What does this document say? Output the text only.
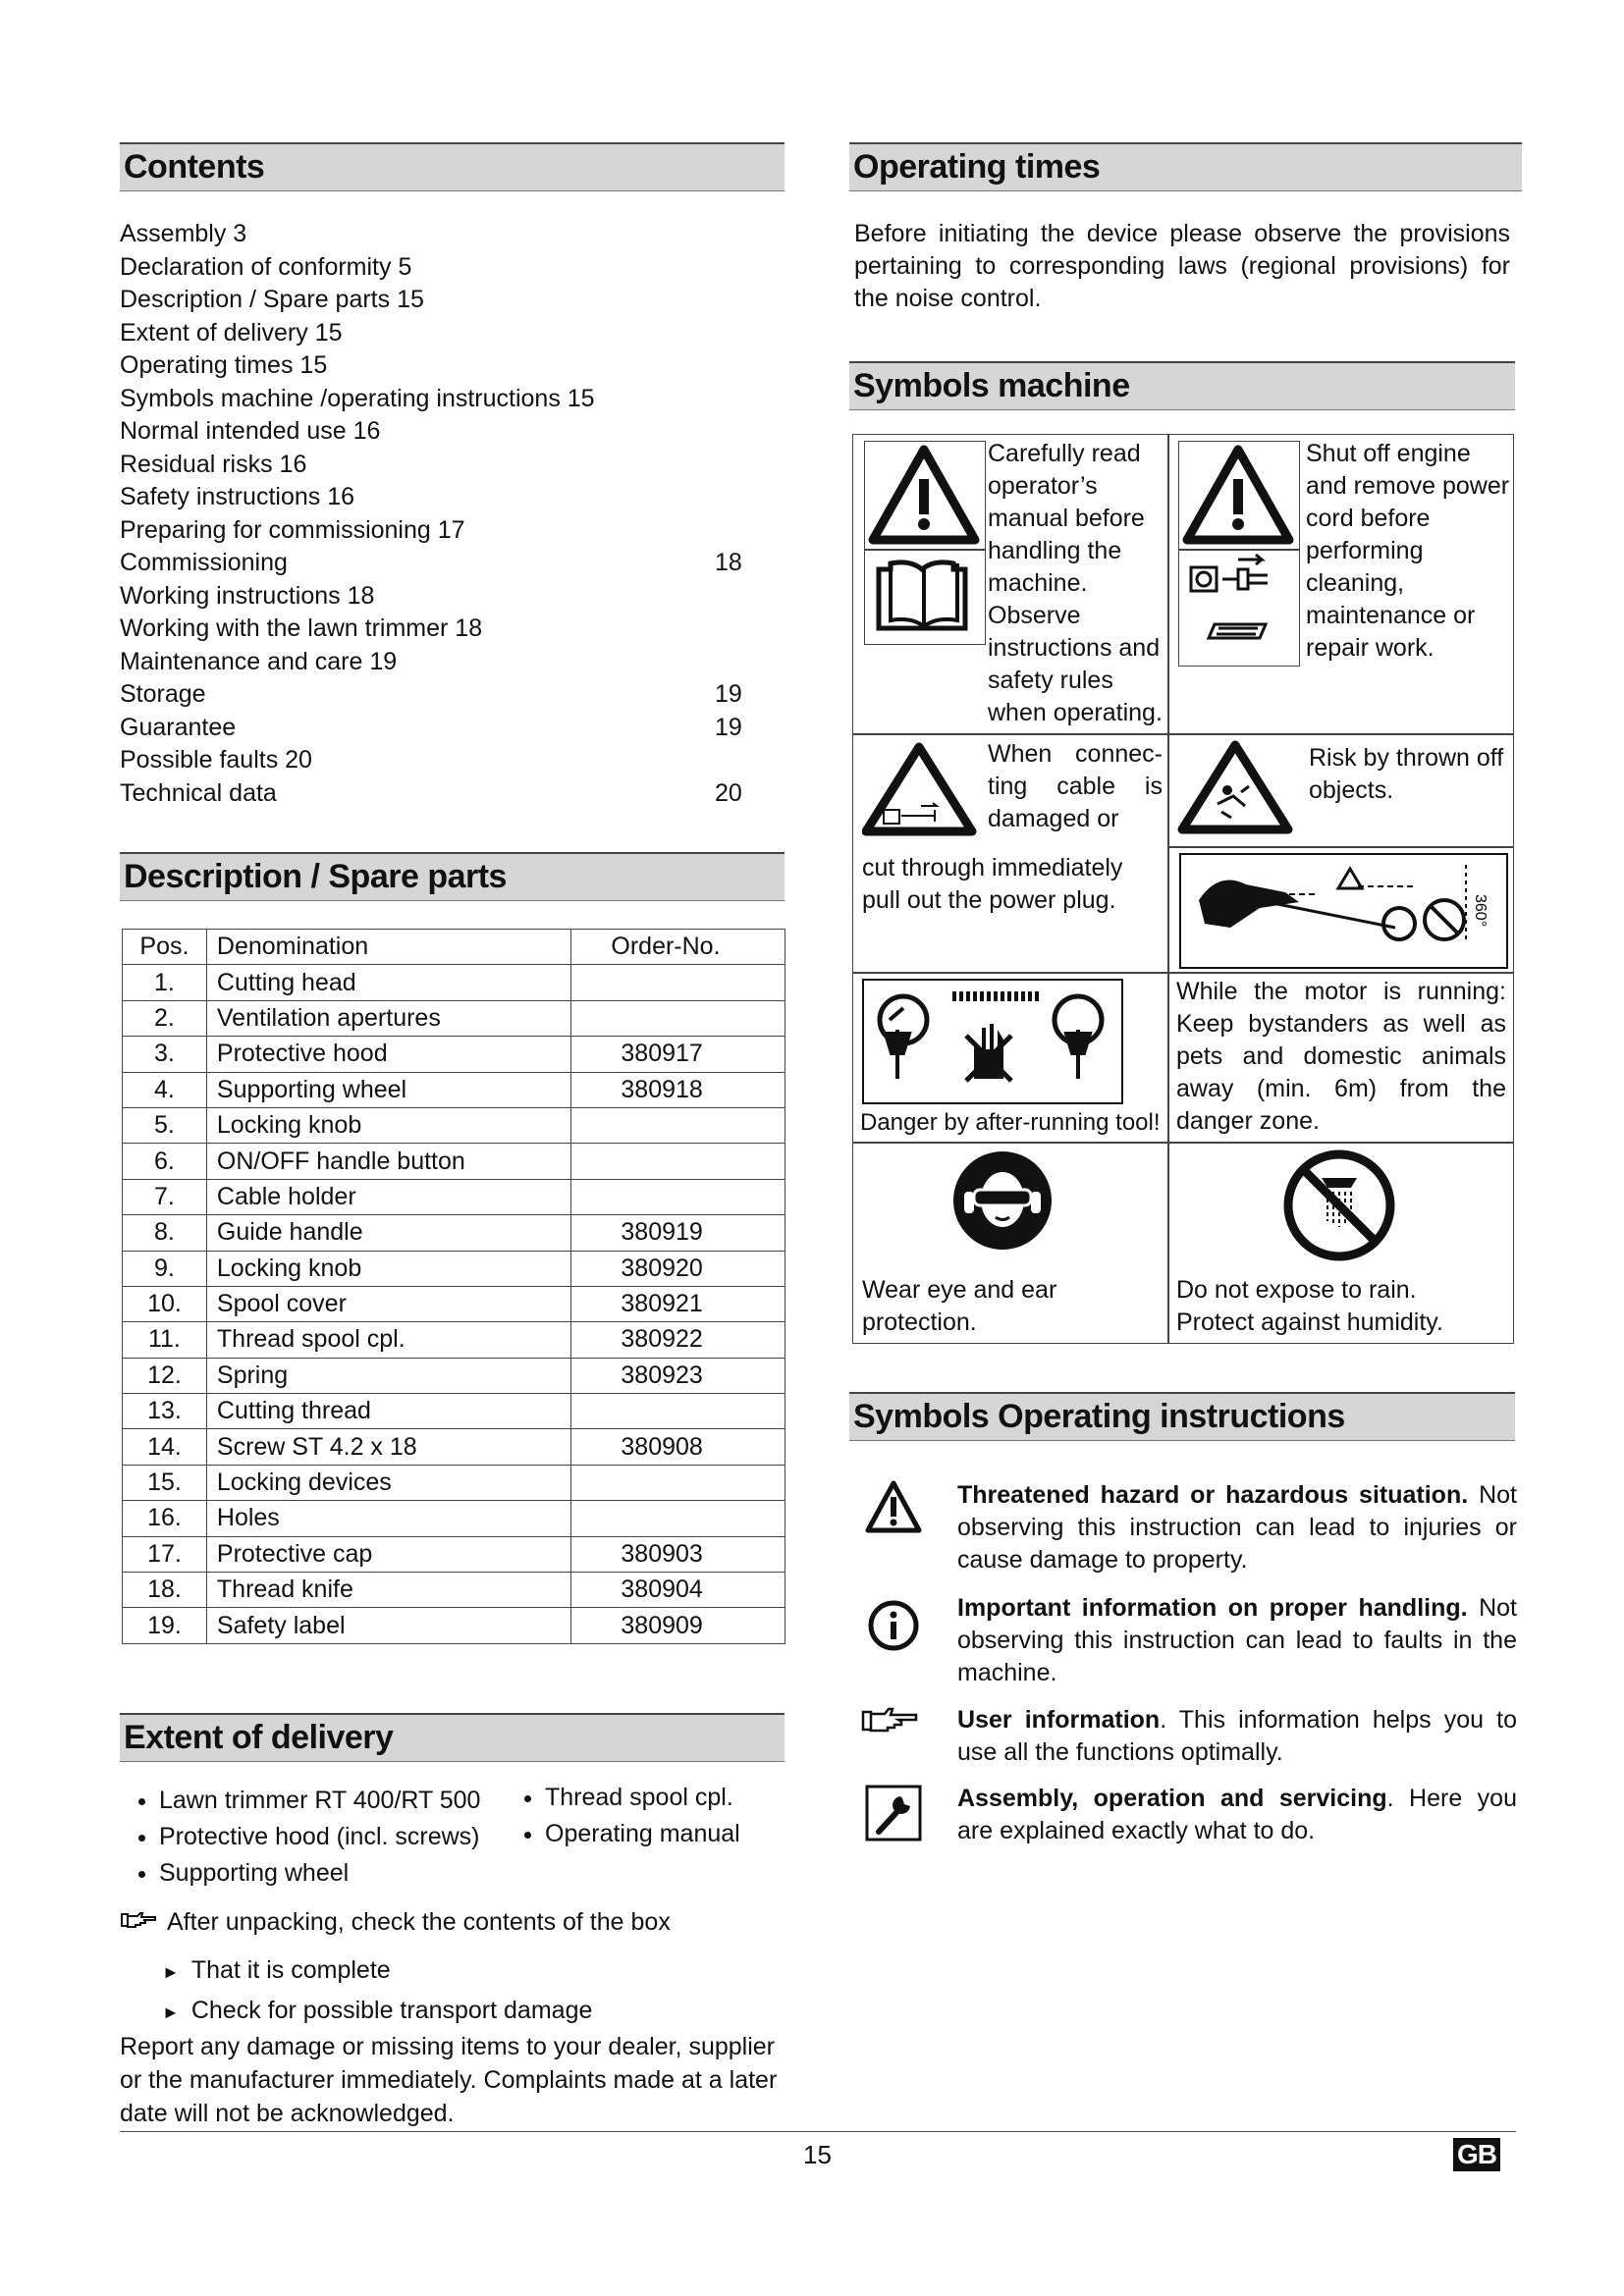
Contents
Assembly 3
Declaration of conformity 5
Description / Spare parts 15
Extent of delivery 15
Operating times 15
Symbols machine /operating instructions 15
Normal intended use 16
Residual risks 16
Safety instructions 16
Preparing for commissioning 17
Commissioning	18
Working instructions 18
Working with the lawn trimmer 18
Maintenance and care 19
Storage	19
Guarantee	19
Possible faults 20
Technical data	20
Description / Spare parts
Pos.	Denomination	Order-No.
1.	Cutting head	
2.	Ventilation apertures	
3.	Protective hood	380917
4.	Supporting wheel	380918
5.	Locking knob	
6.	ON/OFF handle button	
7.	Cable holder	
8.	Guide handle	380919
9.	Locking knob	380920
10.	Spool cover	380921
11.	Thread spool cpl.	380922
12.	Spring	380923
13.	Cutting thread	
14.	Screw ST 4.2 x 18	380908
15.	Locking devices	
16.	Holes	
17.	Protective cap	380903
18.	Thread knife	380904
19.	Safety label	380909
Extent of delivery
• Lawn trimmer RT 400/RT 500
• Protective hood (incl. screws)
• Supporting wheel
• Thread spool cpl.
• Operating manual
After unpacking, check the contents of the box
► That it is complete
► Check for possible transport damage
Report any damage or missing items to your dealer, supplier or the manufacturer immediately. Complaints made at a later date will not be acknowledged.
Operating times
Before initiating the device please observe the provisions pertaining to corresponding laws (regional provisions) for the noise control.
Symbols machine
Carefully read operator’s manual before handling the machine. Observe instructions and safety rules when operating.
Shut off engine and remove power cord before performing cleaning, maintenance or repair work.
When connec-ting cable is damaged or
cut through immediately pull out the power plug.
Risk by thrown off objects.
360°
Danger by after-running tool!
While the motor is running: Keep bystanders as well as pets and domestic animals away (min. 6m) from the danger zone.
Wear eye and ear protection.
Do not expose to rain. Protect against humidity.
Symbols Operating instructions
Threatened hazard or hazardous situation. Not observing this instruction can lead to injuries or cause damage to property.
Important information on proper handling. Not observing this instruction can lead to faults in the machine.
User information. This information helps you to use all the functions optimally.
Assembly, operation and servicing. Here you are explained exactly what to do.
15	GB
